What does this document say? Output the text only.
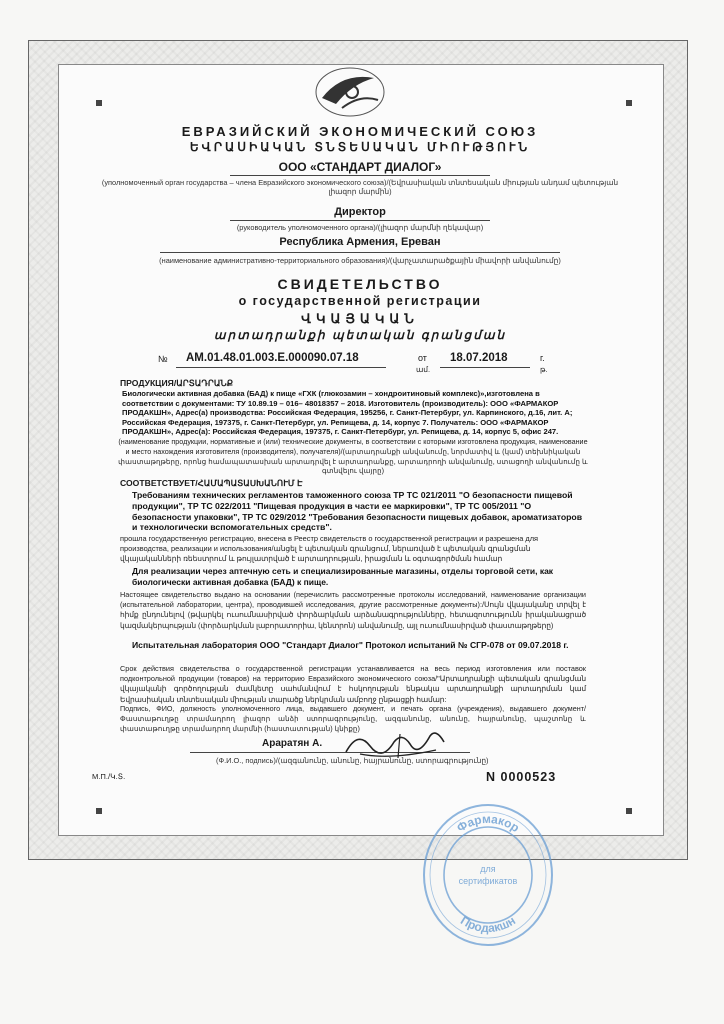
ЕВРАЗИЙСКИЙ ЭКОНОМИЧЕСКИЙ СОЮЗ
ԵՎՐԱՍԻԱԿԱՆ ՏՆՏԵՍԱԿԱՆ ՄԻՈՒԹՅՈՒՆ
ООО «СТАНДАРТ ДИАЛОГ»
(уполномоченный орган государства – члена Евразийского экономического союза)/(Եվրասիական տնտեսական միության անդամ պետության լիազոր մարմին)
Директор
(руководитель уполномоченного органа)/(լիազոր մարմնի ղեկավար)
Республика Армения, Ереван
(наименование административно-территориального образования)/(վարչատարածքային միավորի անվանումը)
СВИДЕТЕЛЬСТВО
о государственной регистрации
ՎԿԱՅԱԿԱՆ
արտադրանքի պետական գրանցման
№ AM.01.48.01.003.E.000090.07.18	от
ամ.
18.07.2018	г.
թ.
ПРОДУКЦИЯ/ԱՐՏԱԴՐԱՆՔ
Биологически активная добавка (БАД) к пище «ГХК (глюкозамин – хондроитиновый комплекс)»,изготовлена в соответствии с документами: ТУ 10.89.19 – 016– 48018357 – 2018. Изготовитель (производитель): ООО «ФАРМАКОР ПРОДАКШН», Адрес(а) производства: Российская Федерация, 195256, г. Санкт-Петербург, ул. Карпинского, д.16, лит. А; Российская Федерация, 197375, г. Санкт-Петербург, ул. Репищева, д. 14, корпус 7. Получатель: ООО «ФАРМАКОР ПРОДАКШН», Адрес(а): Российская Федерация, 197375, г. Санкт-Петербург, ул. Репищева, д. 14, корпус 5, офис 247.
(наименование продукции, нормативные и (или) технические документы, в соответствии с которыми изготовлена продукция, наименование и место нахождения изготовителя (производителя), получателя)/(արտադրանքի անվանումը, նորմատիվ և (կամ) տեխնիկական փաստաթղթերը, որոնց համապատասխան արտադրվել է արտադրանքը, արտադրողի անվանումը, ստացողի անվանումը և գտնվելու վայրը)
СООТВЕТСТВУЕТ/ՀԱՄԱՊԱՏԱՍԽԱՆՈՒՄ Է
Требованиям технических регламентов таможенного союза ТР ТС 021/2011 "О безопасности пищевой продукции", ТР ТС 022/2011 "Пищевая продукция в части ее маркировки", ТР ТС 005/2011 "О безопасности упаковки", ТР ТС 029/2012 "Требования безопасности пищевых добавок, ароматизаторов и технологически вспомогательных средств".
прошла государственную регистрацию, внесена в Реестр свидетельств о государственной регистрации и разрешена для производства, реализации и использования/անցել է պետական գրանցում, ներառված է պետական գրանցման վկայականների ռեեստրում և թույլատրված է արտադրության, իրացման և օգտագործման համար
Для реализации через аптечную сеть и специализированные магазины, отделы торговой сети, как биологически активная добавка (БАД) к пище.
Настоящее свидетельство выдано на основании (перечислить рассмотренные протоколы исследований, наименование организации (испытательной лаборатории, центра), проводившей исследования, другие рассмотренные документы):/Սույն վկայականը տրվել է հիմք ընդունելով (թվարկել ուսումնասիրված փորձարկման արձանագրությունները, հետազոտությունն իրականացրած կազմակերպության (փորձարկման լաբորատորիա, կենտրոն) անվանումը, այլ ուսումնասիրված փաստաթղթերը)
Испытательная лаборатория ООО "Стандарт Диалог" Протокол испытаний № СГР-078 от 09.07.2018 г.
Срок действия свидетельства о государственной регистрации устанавливается на весь период изготовления или поставок подконтрольной продукции (товаров) на территорию Евразийского экономического союза/"Արտադրանքի պետական գրանցման վկայականի գործողության ժամկետը սահմանվում է հսկողության ենթակա արտադրանքի արտադրման կամ Եվրասիական տնտեսական միության տարածք ներկրման ամբողջ ընթացքի համար:
Подпись, ФИО, должность уполномоченного лица, выдавшего документ, и печать органа (учреждения), выдавшего документ/Փաստաթուղթը տրամադրող լիազոր անձի ստորագրությունը, ազգանունը, անունը, հայրանունը, պաշտոնը և փաստաթուղթը տրամադրող մարմնի (հաստատության) կնիքը)
Араратян А.
(Ф.И.О., подпись)/(ազգանունը, անունը, հայրանունը, ստորագրությունը)
М.П./Կ.Տ.	N 0000523
Фармакор
Продакшн
для
сертификатов
